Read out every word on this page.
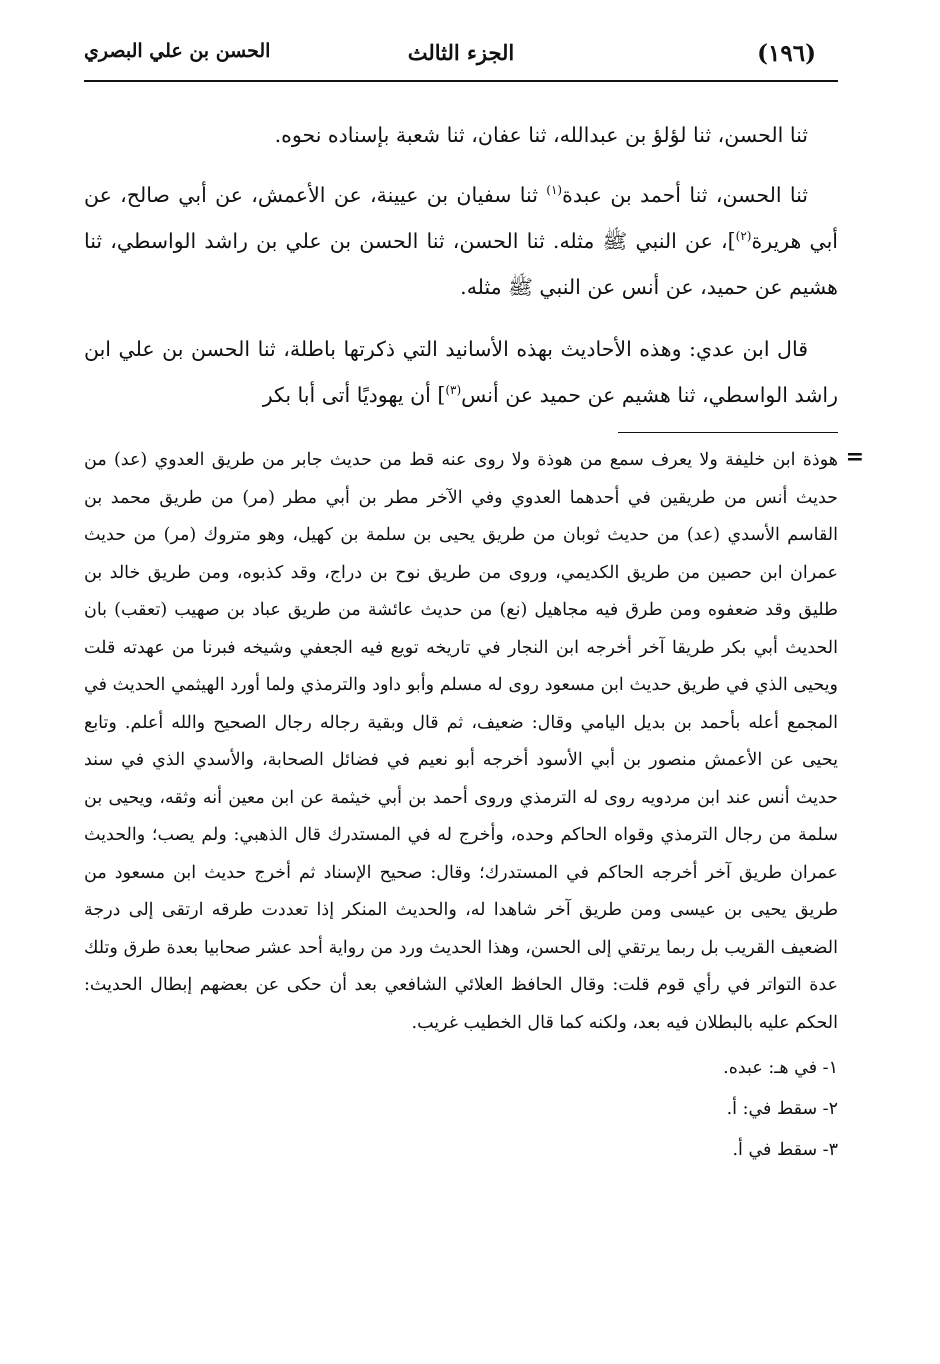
(١٩٦)
الجزء الثالث
الحسن بن علي البصري

ثنا الحسن، ثنا لؤلؤ بن عبدالله، ثنا عفان، ثنا شعبة بإسناده نحوه.

ثنا الحسن، ثنا أحمد بن عبدة$^{(١)}$ ثنا سفيان بن عيينة، عن الأعمش، عن أبي صالح، عن أبي هريرة$^{(٢)}$]، عن النبي ﷺ مثله. ثنا الحسن، ثنا الحسن بن علي بن راشد الواسطي، ثنا هشيم عن حميد، عن أنس عن النبي ﷺ مثله.

قال ابن عدي: وهذه الأحاديث بهذه الأسانيد التي ذكرتها باطلة، ثنا الحسن بن علي ابن راشد الواسطي، ثنا هشيم عن حميد عن أنس$^{(٣)}$] أن يهوديًا أتى أبا بكر

=

هوذة ابن خليفة ولا يعرف سمع من هوذة ولا روى عنه قط من حديث جابر من طريق العدوي (عد) من حديث أنس من طريقين في أحدهما العدوي وفي الآخر مطر بن أبي مطر (مر) من طريق محمد بن القاسم الأسدي (عد) من حديث ثوبان من طريق يحيى بن سلمة بن كهيل، وهو متروك (مر) من حديث عمران ابن حصين من طريق الكديمي، وروى من طريق نوح بن دراج، وقد كذبوه، ومن طريق خالد بن طليق وقد ضعفوه ومن طرق فيه مجاهيل (نع) من حديث عائشة من طريق عباد بن صهيب (تعقب) بان الحديث أبي بكر طريقا آخر أخرجه ابن النجار في تاريخه تويع فيه الجعفي وشيخه فبرنا من عهدته قلت ويحيى الذي في طريق حديث ابن مسعود روى له مسلم وأبو داود والترمذي ولما أورد الهيثمي الحديث في المجمع أعله بأحمد بن بديل اليامي وقال: ضعيف، ثم قال وبقية رجاله رجال الصحيح والله أعلم. وتابع يحيى عن الأعمش منصور بن أبي الأسود أخرجه أبو نعيم في فضائل الصحابة، والأسدي الذي في سند حديث أنس عند ابن مردويه روى له الترمذي وروى أحمد بن أبي خيثمة عن ابن معين أنه وثقه، ويحيى بن سلمة من رجال الترمذي وقواه الحاكم وحده، وأخرج له في المستدرك قال الذهبي: ولم يصب؛ والحديث عمران طريق آخر أخرجه الحاكم في المستدرك؛ وقال: صحيح الإسناد ثم أخرج حديث ابن مسعود من طريق يحيى بن عيسى ومن طريق آخر شاهدا له، والحديث المنكر إذا تعددت طرقه ارتقى إلى درجة الضعيف القريب بل ربما يرتقي إلى الحسن، وهذا الحديث ورد من رواية أحد عشر صحابيا بعدة طرق وتلك عدة التواتر في رأي قوم قلت: وقال الحافظ العلائي الشافعي بعد أن حكى عن بعضهم إبطال الحديث: الحكم عليه بالبطلان فيه بعد، ولكنه كما قال الخطيب غريب.

١- في هـ: عبده.
٢- سقط في: أ.
٣- سقط في أ.
